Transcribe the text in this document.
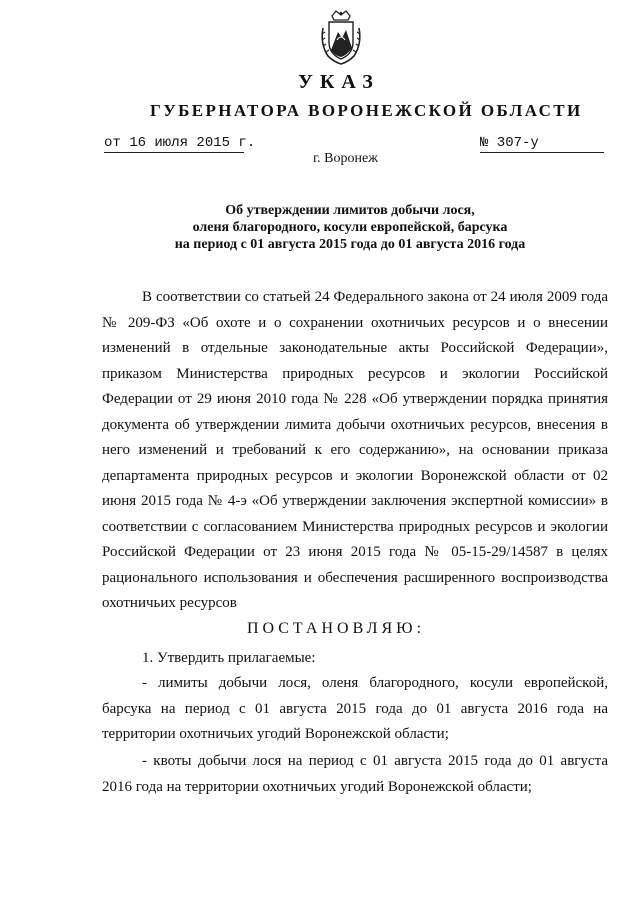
УКАЗ
ГУБЕРНАТОРА ВОРОНЕЖСКОЙ ОБЛАСТИ
от 16 июля 2015 г.	№ 307-у
г. Воронеж
Об утверждении лимитов добычи лося,
оленя благородного, косули европейской, барсука
на период с 01 августа 2015 года до 01 августа 2016 года
В соответствии со статьей 24 Федерального закона от 24 июля 2009 года № 209-ФЗ «Об охоте и о сохранении охотничьих ресурсов и о внесении изменений в отдельные законодательные акты Российской Федерации», приказом Министерства природных ресурсов и экологии Российской Федерации от 29 июня 2010 года № 228 «Об утверждении порядка принятия документа об утверждении лимита добычи охотничьих ресурсов, внесения в него изменений и требований к его содержанию», на основании приказа департамента природных ресурсов и экологии Воронежской области от 02 июня 2015 года № 4-э «Об утверждении заключения экспертной комиссии» в соответствии с согласованием Министерства природных ресурсов и экологии Российской Федерации от 23 июня 2015 года № 05-15-29/14587 в целях рационального использования и обеспечения расширенного воспроизводства охотничьих ресурсов
ПОСТАНОВЛЯЮ:
1. Утвердить прилагаемые:
- лимиты добычи лося, оленя благородного, косули европейской, барсука на период с 01 августа 2015 года до 01 августа 2016 года на территории охотничьих угодий Воронежской области;
- квоты добычи лося на период с 01 августа 2015 года до 01 августа 2016 года на территории охотничьих угодий Воронежской области;
